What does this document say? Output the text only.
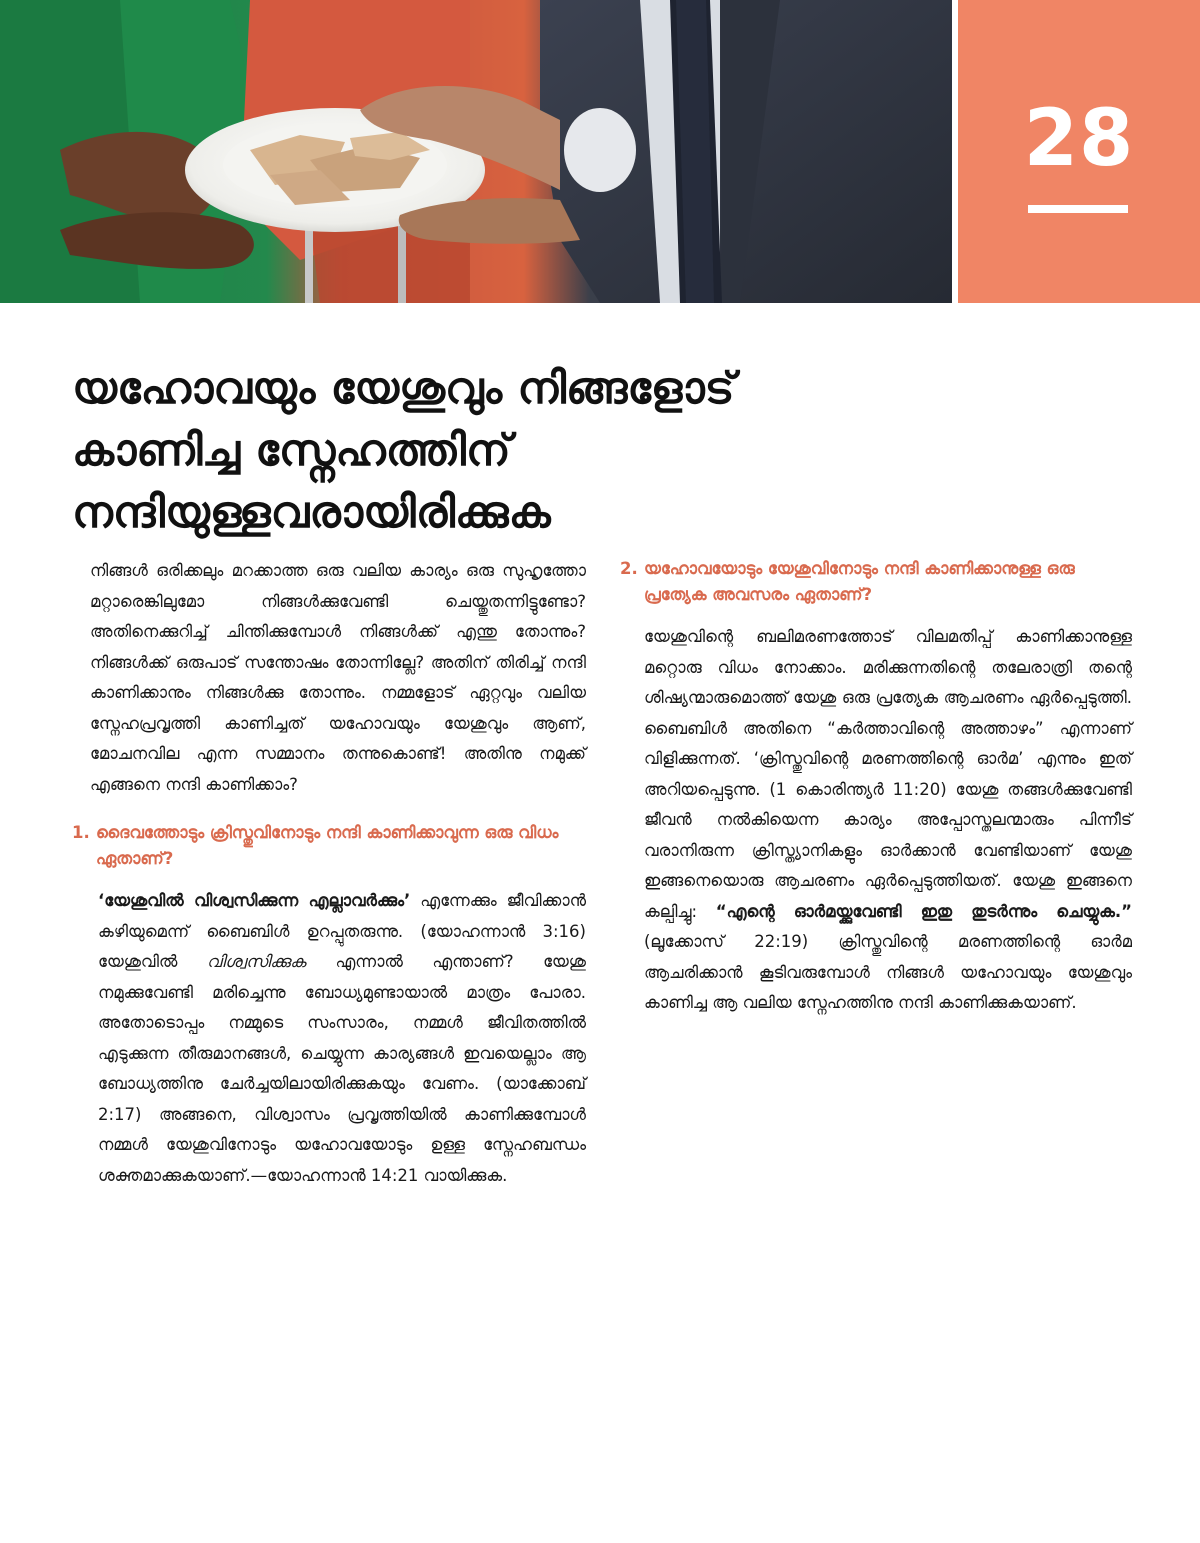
28
യഹോവയും യേശുവും നിങ്ങളോട്
കാണിച്ച സ്നേഹത്തിന്
നന്ദിയുള്ളവരായിരിക്കുക

നിങ്ങൾ ഒരിക്കലും മറക്കാത്ത ഒരു വലിയ കാര്യം ഒരു സുഹൃത്തോ മറ്റാരെങ്കിലുമോ നിങ്ങൾക്കുവേണ്ടി ചെയ്തുതന്നിട്ടുണ്ടോ? അതിനെക്കുറിച്ച് ചിന്തിക്കുമ്പോൾ നിങ്ങൾക്ക് എന്തു തോന്നും? നിങ്ങൾക്ക് ഒരുപാട് സന്തോഷം തോന്നില്ലേ? അതിന് തിരിച്ച് നന്ദി കാണിക്കാനും നിങ്ങൾക്കു തോന്നും. നമ്മളോട് ഏറ്റവും വലിയ സ്നേഹപ്രവൃത്തി കാണിച്ചത് യഹോവയും യേശുവും ആണ്, മോചനവില എന്ന സമ്മാനം തന്നുകൊണ്ട്! അതിനു നമുക്ക് എങ്ങനെ നന്ദി കാണിക്കാം?

1. ദൈവത്തോടും ക്രിസ്തുവിനോടും നന്ദി കാണിക്കാവുന്ന ഒരു വിധം ഏതാണ്?

‘യേശുവിൽ വിശ്വസിക്കുന്ന എല്ലാവർക്കും’ എന്നേക്കും ജീവിക്കാൻ കഴിയുമെന്ന് ബൈബിൾ ഉറപ്പുതരുന്നു. (യോഹന്നാൻ 3:16) യേശുവിൽ വിശ്വസിക്കുക എന്നാൽ എന്താണ്? യേശു നമുക്കുവേണ്ടി മരിച്ചെന്നു ബോധ്യമുണ്ടായാൽ മാത്രം പോരാ. അതോടൊപ്പം നമ്മുടെ സംസാരം, നമ്മൾ ജീവിതത്തിൽ എടുക്കുന്ന തീരുമാനങ്ങൾ, ചെയ്യുന്ന കാര്യങ്ങൾ ഇവയെല്ലാം ആ ബോധ്യത്തിനു ചേർച്ചയിലായിരിക്കുകയും വേണം. (യാക്കോബ് 2:17) അങ്ങനെ, വിശ്വാസം പ്രവൃത്തിയിൽ കാണിക്കുമ്പോൾ നമ്മൾ യേശുവിനോടും യഹോവയോടും ഉള്ള സ്നേഹബന്ധം ശക്തമാക്കുകയാണ്.—യോഹന്നാൻ 14:21 വായിക്കുക.

2. യഹോവയോടും യേശുവിനോടും നന്ദി കാണിക്കാനുള്ള ഒരു പ്രത്യേക അവസരം ഏതാണ്?

യേശുവിന്റെ ബലിമരണത്തോട് വിലമതിപ്പ് കാണിക്കാനുള്ള മറ്റൊരു വിധം നോക്കാം. മരിക്കുന്നതിന്റെ തലേരാത്രി തന്റെ ശിഷ്യന്മാരുമൊത്ത് യേശു ഒരു പ്രത്യേക ആചരണം ഏർപ്പെടുത്തി. ബൈബിൾ അതിനെ “കർത്താവിന്റെ അത്താഴം” എന്നാണ് വിളിക്കുന്നത്. ‘ക്രിസ്തുവിന്റെ മരണത്തിന്റെ ഓർമ’ എന്നും ഇത് അറിയപ്പെടുന്നു. (1 കൊരിന്ത്യർ 11:20) യേശു തങ്ങൾക്കുവേണ്ടി ജീവൻ നൽകിയെന്ന കാര്യം അപ്പോസ്തലന്മാരും പിന്നീട് വരാനിരുന്ന ക്രിസ്ത്യാനികളും ഓർക്കാൻ വേണ്ടിയാണ് യേശു ഇങ്ങനെയൊരു ആചരണം ഏർപ്പെടുത്തിയത്. യേശു ഇങ്ങനെ കല്പിച്ചു: “എന്റെ ഓർമയ്ക്കുവേണ്ടി ഇതു തുടർന്നും ചെയ്യുക.” (ലൂക്കോസ് 22:19) ക്രിസ്തുവിന്റെ മരണത്തിന്റെ ഓർമ ആചരിക്കാൻ കൂടിവരുമ്പോൾ നിങ്ങൾ യഹോവയും യേശുവും കാണിച്ച ആ വലിയ സ്നേഹത്തിനു നന്ദി കാണിക്കുകയാണ്.
